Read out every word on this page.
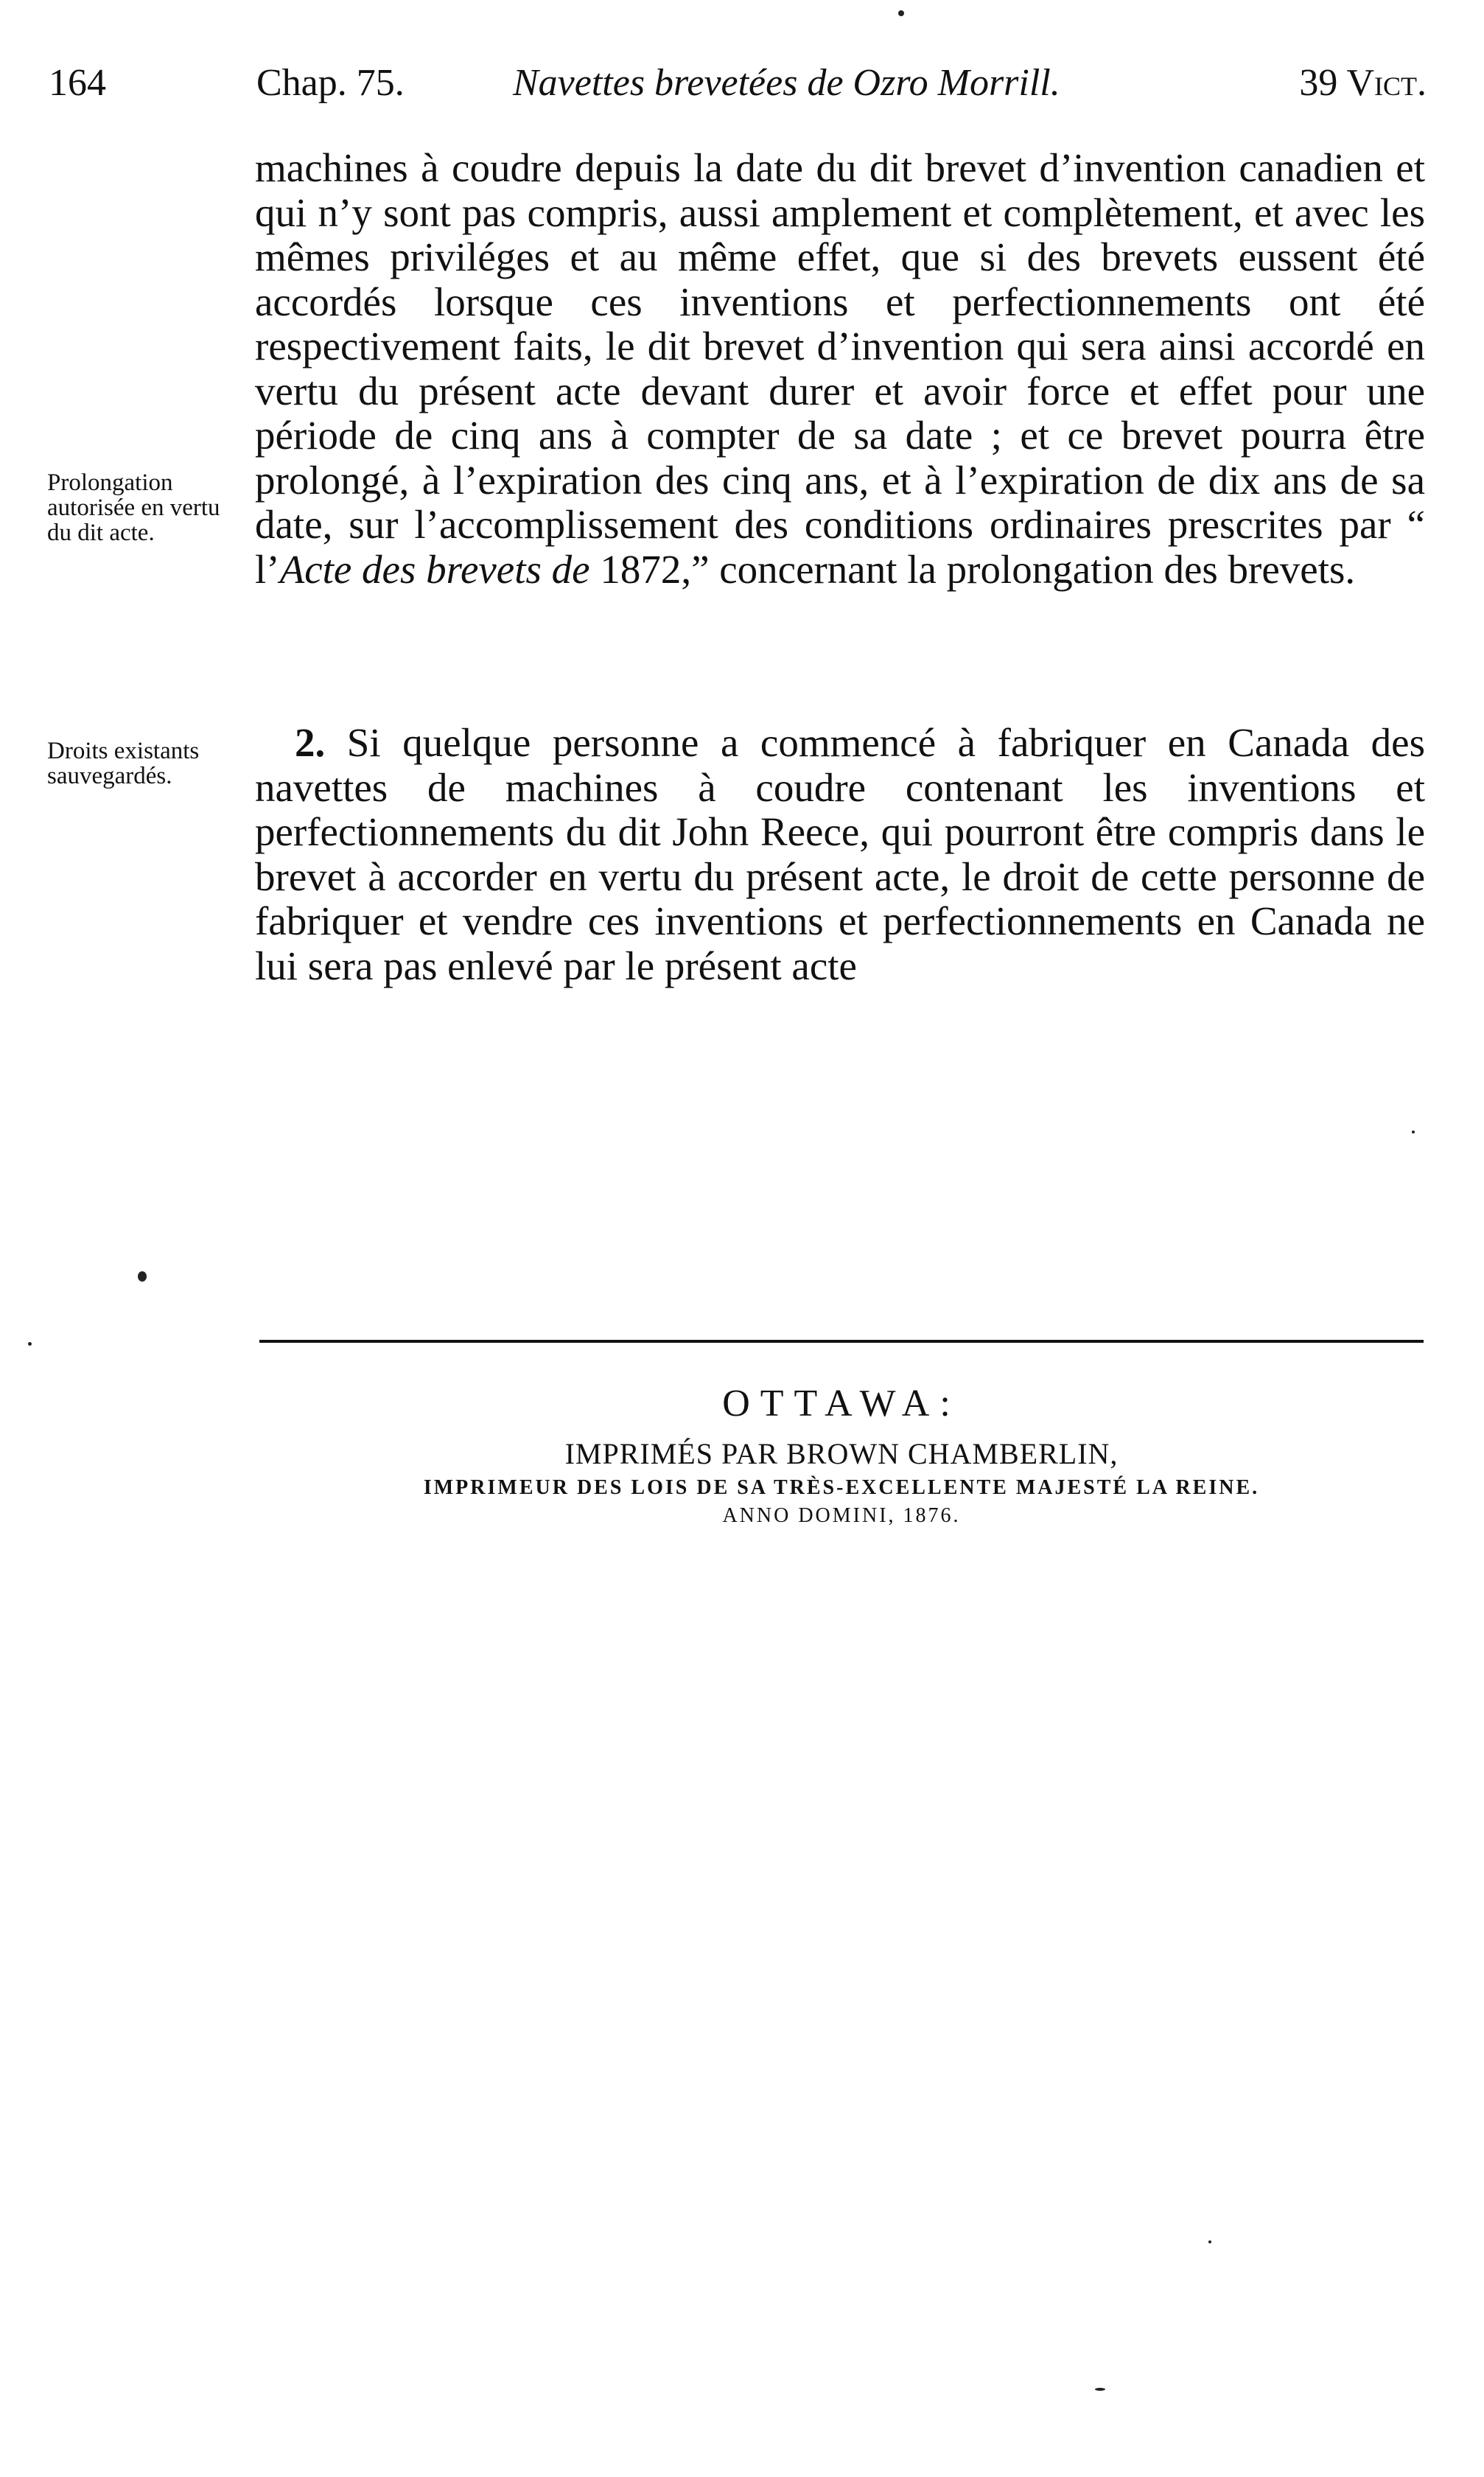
164	Chap. 75.	Navettes brevetées de Ozro Morrill.	39 Vict.
Prolongation autorisée en vertu du dit acte.
Droits existants sauvegardés.

machines à coudre depuis la date du dit brevet d’invention canadien et qui n’y sont pas compris, aussi amplement et complètement, et avec les mêmes priviléges et au même effet, que si des brevets eussent été accordés lorsque ces inventions et perfectionnements ont été respectivement faits, le dit brevet d’invention qui sera ainsi accordé en vertu du présent acte devant durer et avoir force et effet pour une période de cinq ans à compter de sa date ; et ce brevet pourra être prolongé, à l’expiration des cinq ans, et à l’expiration de dix ans de sa date, sur l’accomplissement des conditions ordinaires prescrites par “ l’Acte des brevets de 1872,” concernant la prolongation des brevets.

2. Si quelque personne a commencé à fabriquer en Canada des navettes de machines à coudre contenant les inventions et perfectionnements du dit John Reece, qui pourront être compris dans le brevet à accorder en vertu du présent acte, le droit de cette personne de fabriquer et vendre ces inventions et perfectionnements en Canada ne lui sera pas enlevé par le présent acte

OTTAWA:
IMPRIMÉS PAR BROWN CHAMBERLIN,
IMPRIMEUR DES LOIS DE SA TRÈS-EXCELLENTE MAJESTÉ LA REINE.
ANNO DOMINI, 1876.
